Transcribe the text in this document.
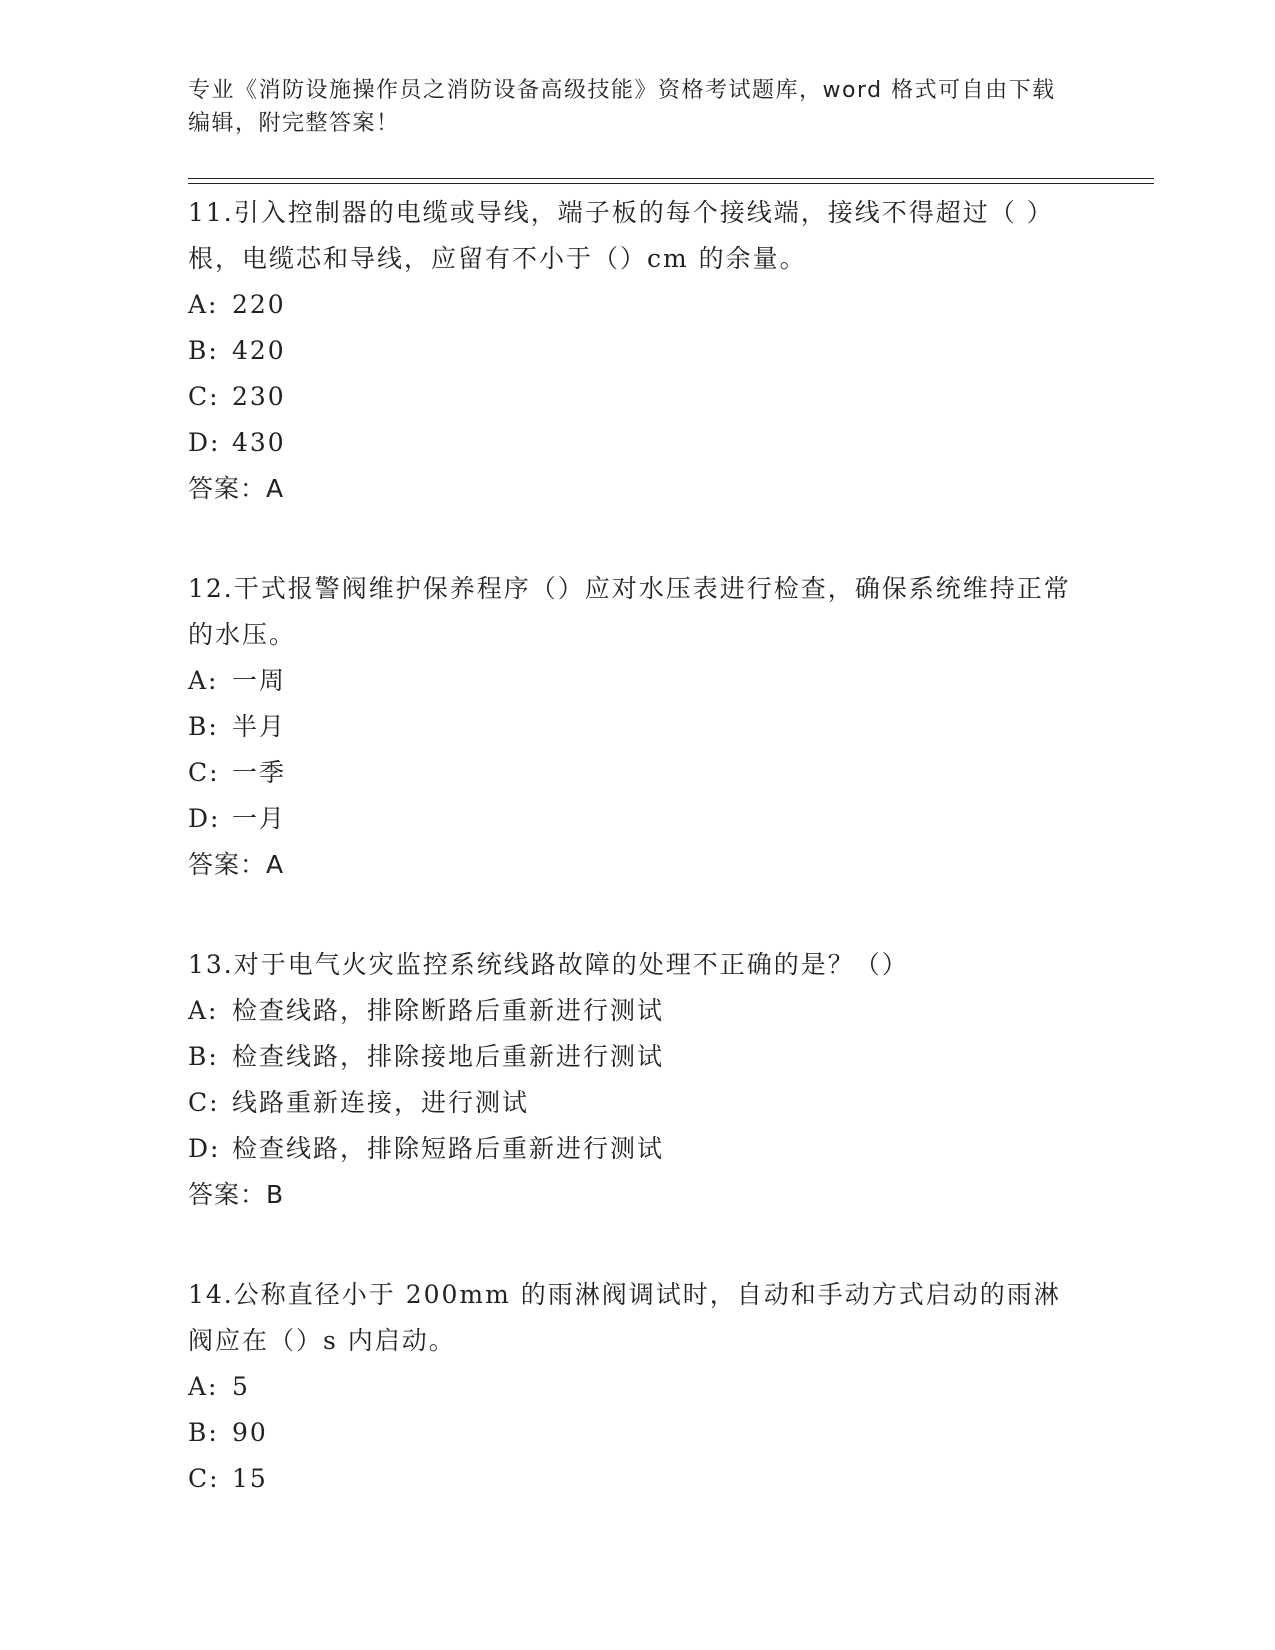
专业《消防设施操作员之消防设备高级技能》资格考试题库，word 格式可自由下载编辑，附完整答案！
11.引入控制器的电缆或导线，端子板的每个接线端，接线不得超过（ ）根，电缆芯和导线，应留有不小于（）cm 的余量。
A: 220
B: 420
C: 230
D: 430
答案：A
12.干式报警阀维护保养程序（）应对水压表进行检查，确保系统维持正常的水压。
A: 一周
B: 半月
C: 一季
D: 一月
答案：A
13.对于电气火灾监控系统线路故障的处理不正确的是？（）
A: 检查线路，排除断路后重新进行测试
B: 检查线路，排除接地后重新进行测试
C: 线路重新连接，进行测试
D: 检查线路，排除短路后重新进行测试
答案：B
14.公称直径小于 200mm 的雨淋阀调试时，自动和手动方式启动的雨淋阀应在（）s 内启动。
A: 5
B: 90
C: 15
